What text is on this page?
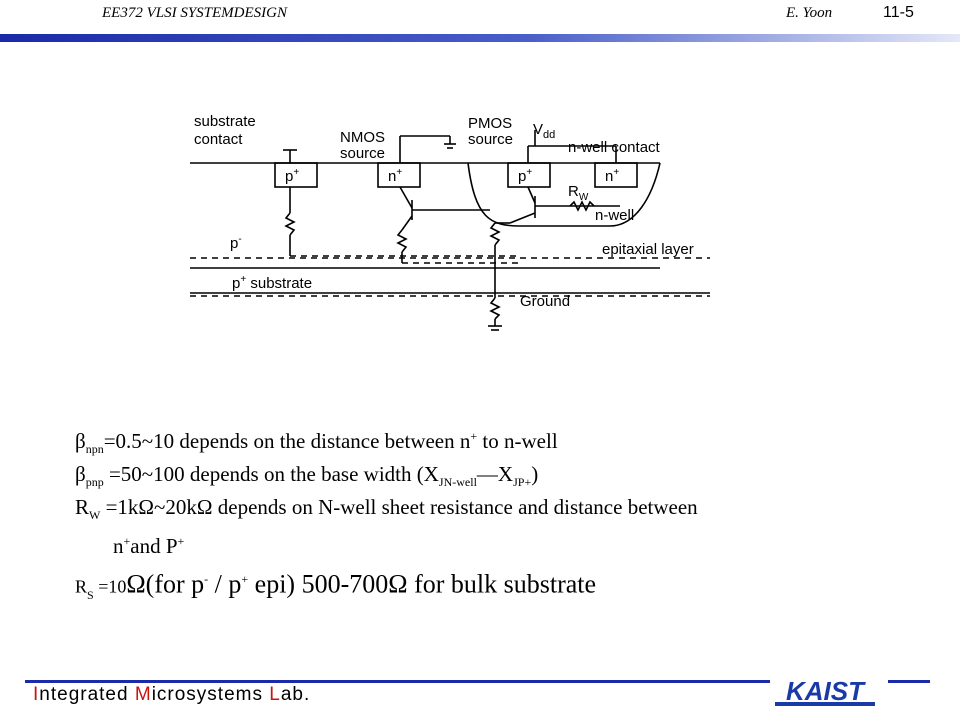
EE372 VLSI SYSTEMDESIGN	E. Yoon	11-5
substrate
contact	NMOS
source
PMOS
source
$V_{dd}$
n-well contact
p+	n+	p+	n+
$R_W$
n-well
p-
epitaxial layer
p+ substrate
Ground
$\beta_{npn}=0.5\sim 10$ depends on the distance between n+ to n-well
$\beta_{pnp}$ =50~100 depends on the base width $(X_{JN-well}—X_{JP+})$
$R_W$ =1kΩ~20kΩ depends on N-well sheet resistance and distance between
n+and P+
$R_S =10\Omega(for$ p- / p+ epi) 500-700Ω for bulk substrate
Integrated Microsystems Lab.	KAIST
